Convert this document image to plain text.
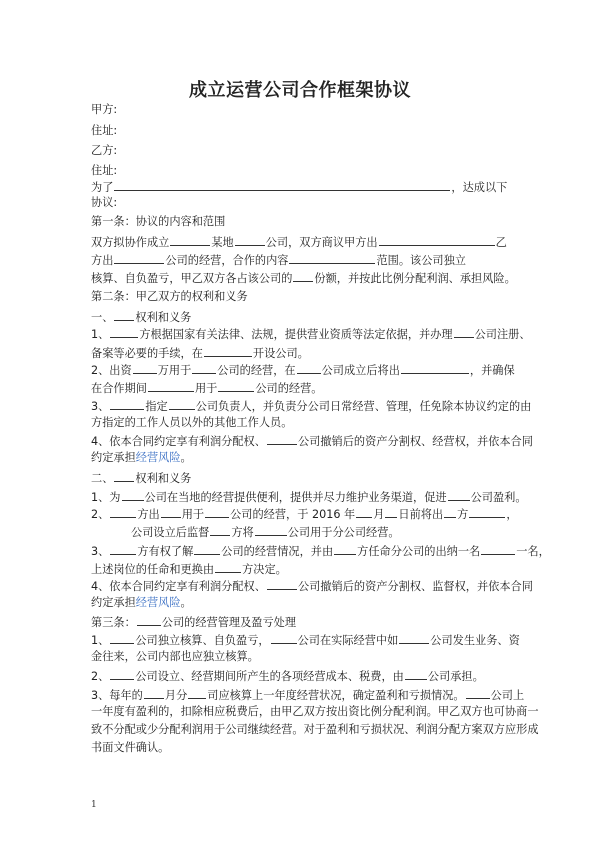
成立运营公司合作框架协议
甲方:
住址:
乙方:
住址:
为了	，达成以下
协议:
第一条：协议的内容和范围
双方拟协作成立	某地	公司，双方商议甲方出	乙
方出	公司的经营，合作的内容	范围。该公司独立
核算、自负盈亏，甲乙双方各占该公司的 份额，并按此比例分配利润、承担风险。
第二条：甲乙双方的权利和义务
一、 权利和义务
1、	方根据国家有关法律、法规，提供营业资质等法定依据，并办理 公司注册、
备案等必要的手续，在	开设公司。
2、出资 万用于 公司的经营，在 公司成立后将出	，并确保
在合作期间	用于	公司的经营。
3、	指定	公司负责人，并负责分公司日常经营、管理，任免除本协议约定的由
方指定的工作人员以外的其他工作人员。
4、依本合同约定享有利润分配权、	公司撤销后的资产分割权、经营权，并依本合同
约定承担经营风险。
二、 权利和义务
1、为 公司在当地的经营提供便利，提供并尽力维护业务渠道，促进 公司盈利。
2、	方出 用于 公司的经营，于 2016 年 月 日前将出 方	，
公司设立后监督 方将	公司用于分公司经营。
3、	方有权了解	公司的经营情况，并由 方任命分公司的出纳一名	一名，
上述岗位的任命和更换由	方决定。
4、依本合同约定享有利润分配权、	公司撤销后的资产分割权、监督权，并依本合同
约定承担经营风险。
第三条： 公司的经营管理及盈亏处理
1、 公司独立核算、自负盈亏，	公司在实际经营中如	公司发生业务、资
金往来，公司内部也应独立核算。
2、 公司设立、经营期间所产生的各项经营成本、税费，由 公司承担。
3、每年的 月分 司应核算上一年度经营状况，确定盈利和亏损情况。 公司上
一年度有盈利的，扣除相应税费后，由甲乙双方按出资比例分配利润。甲乙双方也可协商一
致不分配或少分配利润用于公司继续经营。对于盈利和亏损状况、利润分配方案双方应形成
书面文件确认。
1
